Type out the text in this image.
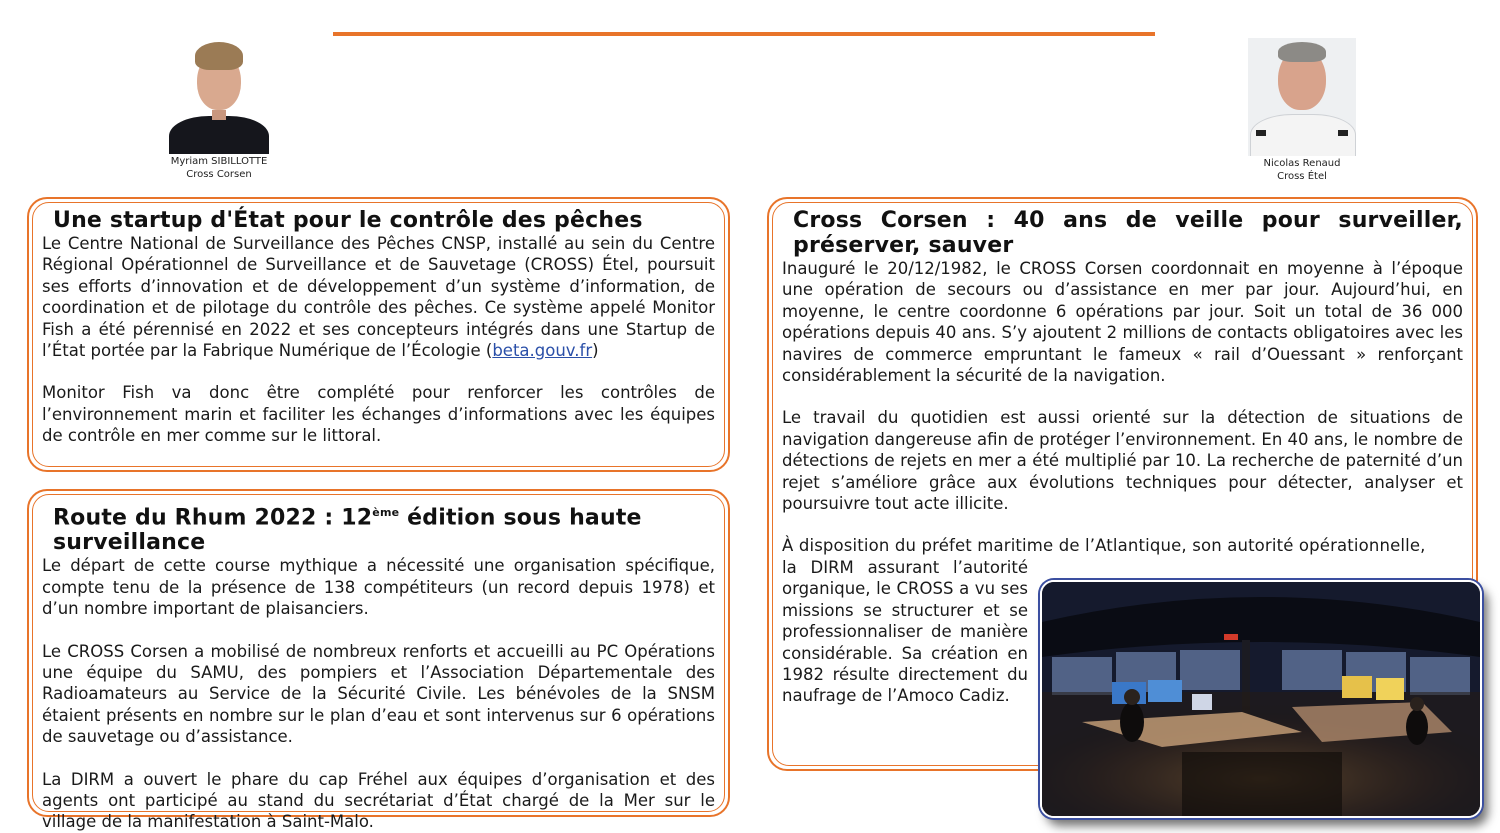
Myriam SIBILLOTTE
Cross Corsen
Nicolas Renaud
Cross Étel
Une startup d'État pour le contrôle des pêches

Le Centre National de Surveillance des Pêches CNSP, installé au sein du Centre Régional Opérationnel de Surveillance et de Sauvetage (CROSS) Étel, poursuit ses efforts d’innovation et de développement d’un système d’information, de coordination et de pilotage du contrôle des pêches. Ce système appelé Monitor Fish a été pérennisé en 2022 et ses concepteurs intégrés dans une Startup de l’État portée par la Fabrique Numérique de l’Écologie (beta.gouv.fr)

Monitor Fish va donc être complété pour renforcer les contrôles de l’environnement marin et faciliter les échanges d’informations avec les équipes de contrôle en mer comme sur le littoral.

Route du Rhum 2022 : 12ème édition sous haute surveillance

Le départ de cette course mythique a nécessité une organisation spécifique, compte tenu de la présence de 138 compétiteurs (un record depuis 1978) et d’un nombre important de plaisanciers.

Le CROSS Corsen a mobilisé de nombreux renforts et accueilli au PC Opérations une équipe du SAMU, des pompiers et l’Association Départementale des Radioamateurs au Service de la Sécurité Civile. Les bénévoles de la SNSM étaient présents en nombre sur le plan d’eau et sont intervenus sur 6 opérations de sauvetage ou d’assistance.

La DIRM a ouvert le phare du cap Fréhel aux équipes d’organisation et des agents ont participé au stand du secrétariat d’État chargé de la Mer sur le village de la manifestation à Saint-Malo.

Cross Corsen : 40 ans de veille pour surveiller, préserver, sauver

Inauguré le 20/12/1982, le CROSS Corsen coordonnait en moyenne à l’époque une opération de secours ou d’assistance en mer par jour. Aujourd’hui, en moyenne, le centre coordonne 6 opérations par jour. Soit un total de 36 000 opérations depuis 40 ans. S’y ajoutent 2 millions de contacts obligatoires avec les navires de commerce empruntant le fameux « rail d’Ouessant » renforçant considérablement la sécurité de la navigation.

Le travail du quotidien est aussi orienté sur la détection de situations de navigation dangereuse afin de protéger l’environnement. En 40 ans, le nombre de détections de rejets en mer a été multiplié par 10. La recherche de paternité d’un rejet s’améliore grâce aux évolutions techniques pour détecter, analyser et poursuivre tout acte illicite.

À disposition du préfet maritime de l’Atlantique, son autorité opérationnelle,

la DIRM assurant l’autorité organique, le CROSS a vu ses missions se structurer et se professionnaliser de manière considérable. Sa création en 1982 résulte directement du naufrage de l’Amoco Cadiz.
